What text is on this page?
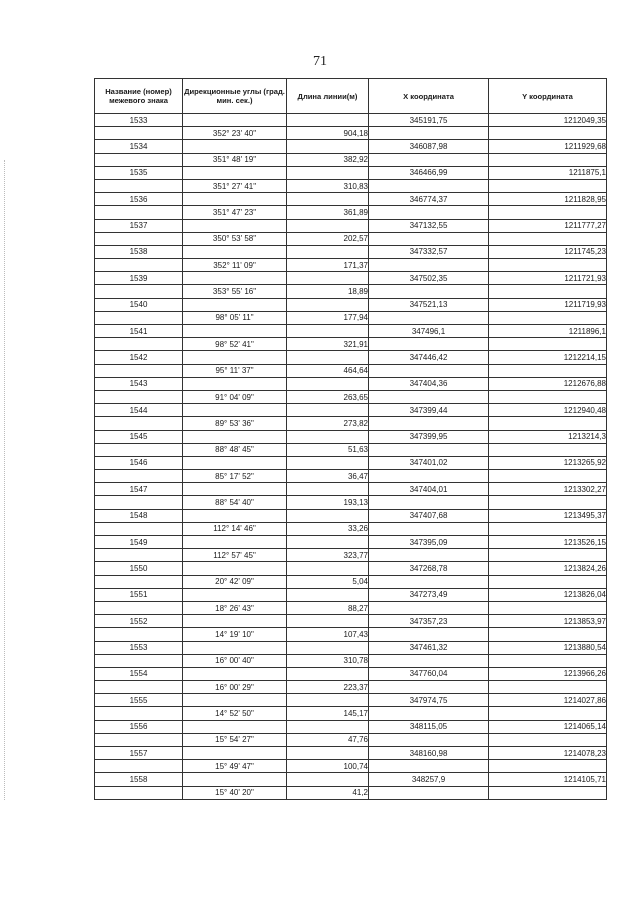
71
Название (номер) межевого знака	Дирекционные углы (град. мин. сек.)	Длина линии(м)	Х координата	Y координата
1533			345191,75	1212049,35
	352° 23' 40"	904,18		
1534			346087,98	1211929,68
	351° 48' 19"	382,92		
1535			346466,99	1211875,1
	351° 27' 41"	310,83		
1536			346774,37	1211828,95
	351° 47' 23"	361,89		
1537			347132,55	1211777,27
	350° 53' 58"	202,57		
1538			347332,57	1211745,23
	352° 11' 09"	171,37		
1539			347502,35	1211721,93
	353° 55' 16"	18,89		
1540			347521,13	1211719,93
	98° 05' 11"	177,94		
1541			347496,1	1211896,1
	98° 52' 41"	321,91		
1542			347446,42	1212214,15
	95° 11' 37"	464,64		
1543			347404,36	1212676,88
	91° 04' 09"	263,65		
1544			347399,44	1212940,48
	89° 53' 36"	273,82		
1545			347399,95	1213214,3
	88° 48' 45"	51,63		
1546			347401,02	1213265,92
	85° 17' 52"	36,47		
1547			347404,01	1213302,27
	88° 54' 40"	193,13		
1548			347407,68	1213495,37
	112° 14' 46"	33,26		
1549			347395,09	1213526,15
	112° 57' 45"	323,77		
1550			347268,78	1213824,26
	20° 42' 09"	5,04		
1551			347273,49	1213826,04
	18° 26' 43"	88,27		
1552			347357,23	1213853,97
	14° 19' 10"	107,43		
1553			347461,32	1213880,54
	16° 00' 40"	310,78		
1554			347760,04	1213966,26
	16° 00' 29"	223,37		
1555			347974,75	1214027,86
	14° 52' 50"	145,17		
1556			348115,05	1214065,14
	15° 54' 27"	47,76		
1557			348160,98	1214078,23
	15° 49' 47"	100,74		
1558			348257,9	1214105,71
	15° 40' 20"	41,2		
